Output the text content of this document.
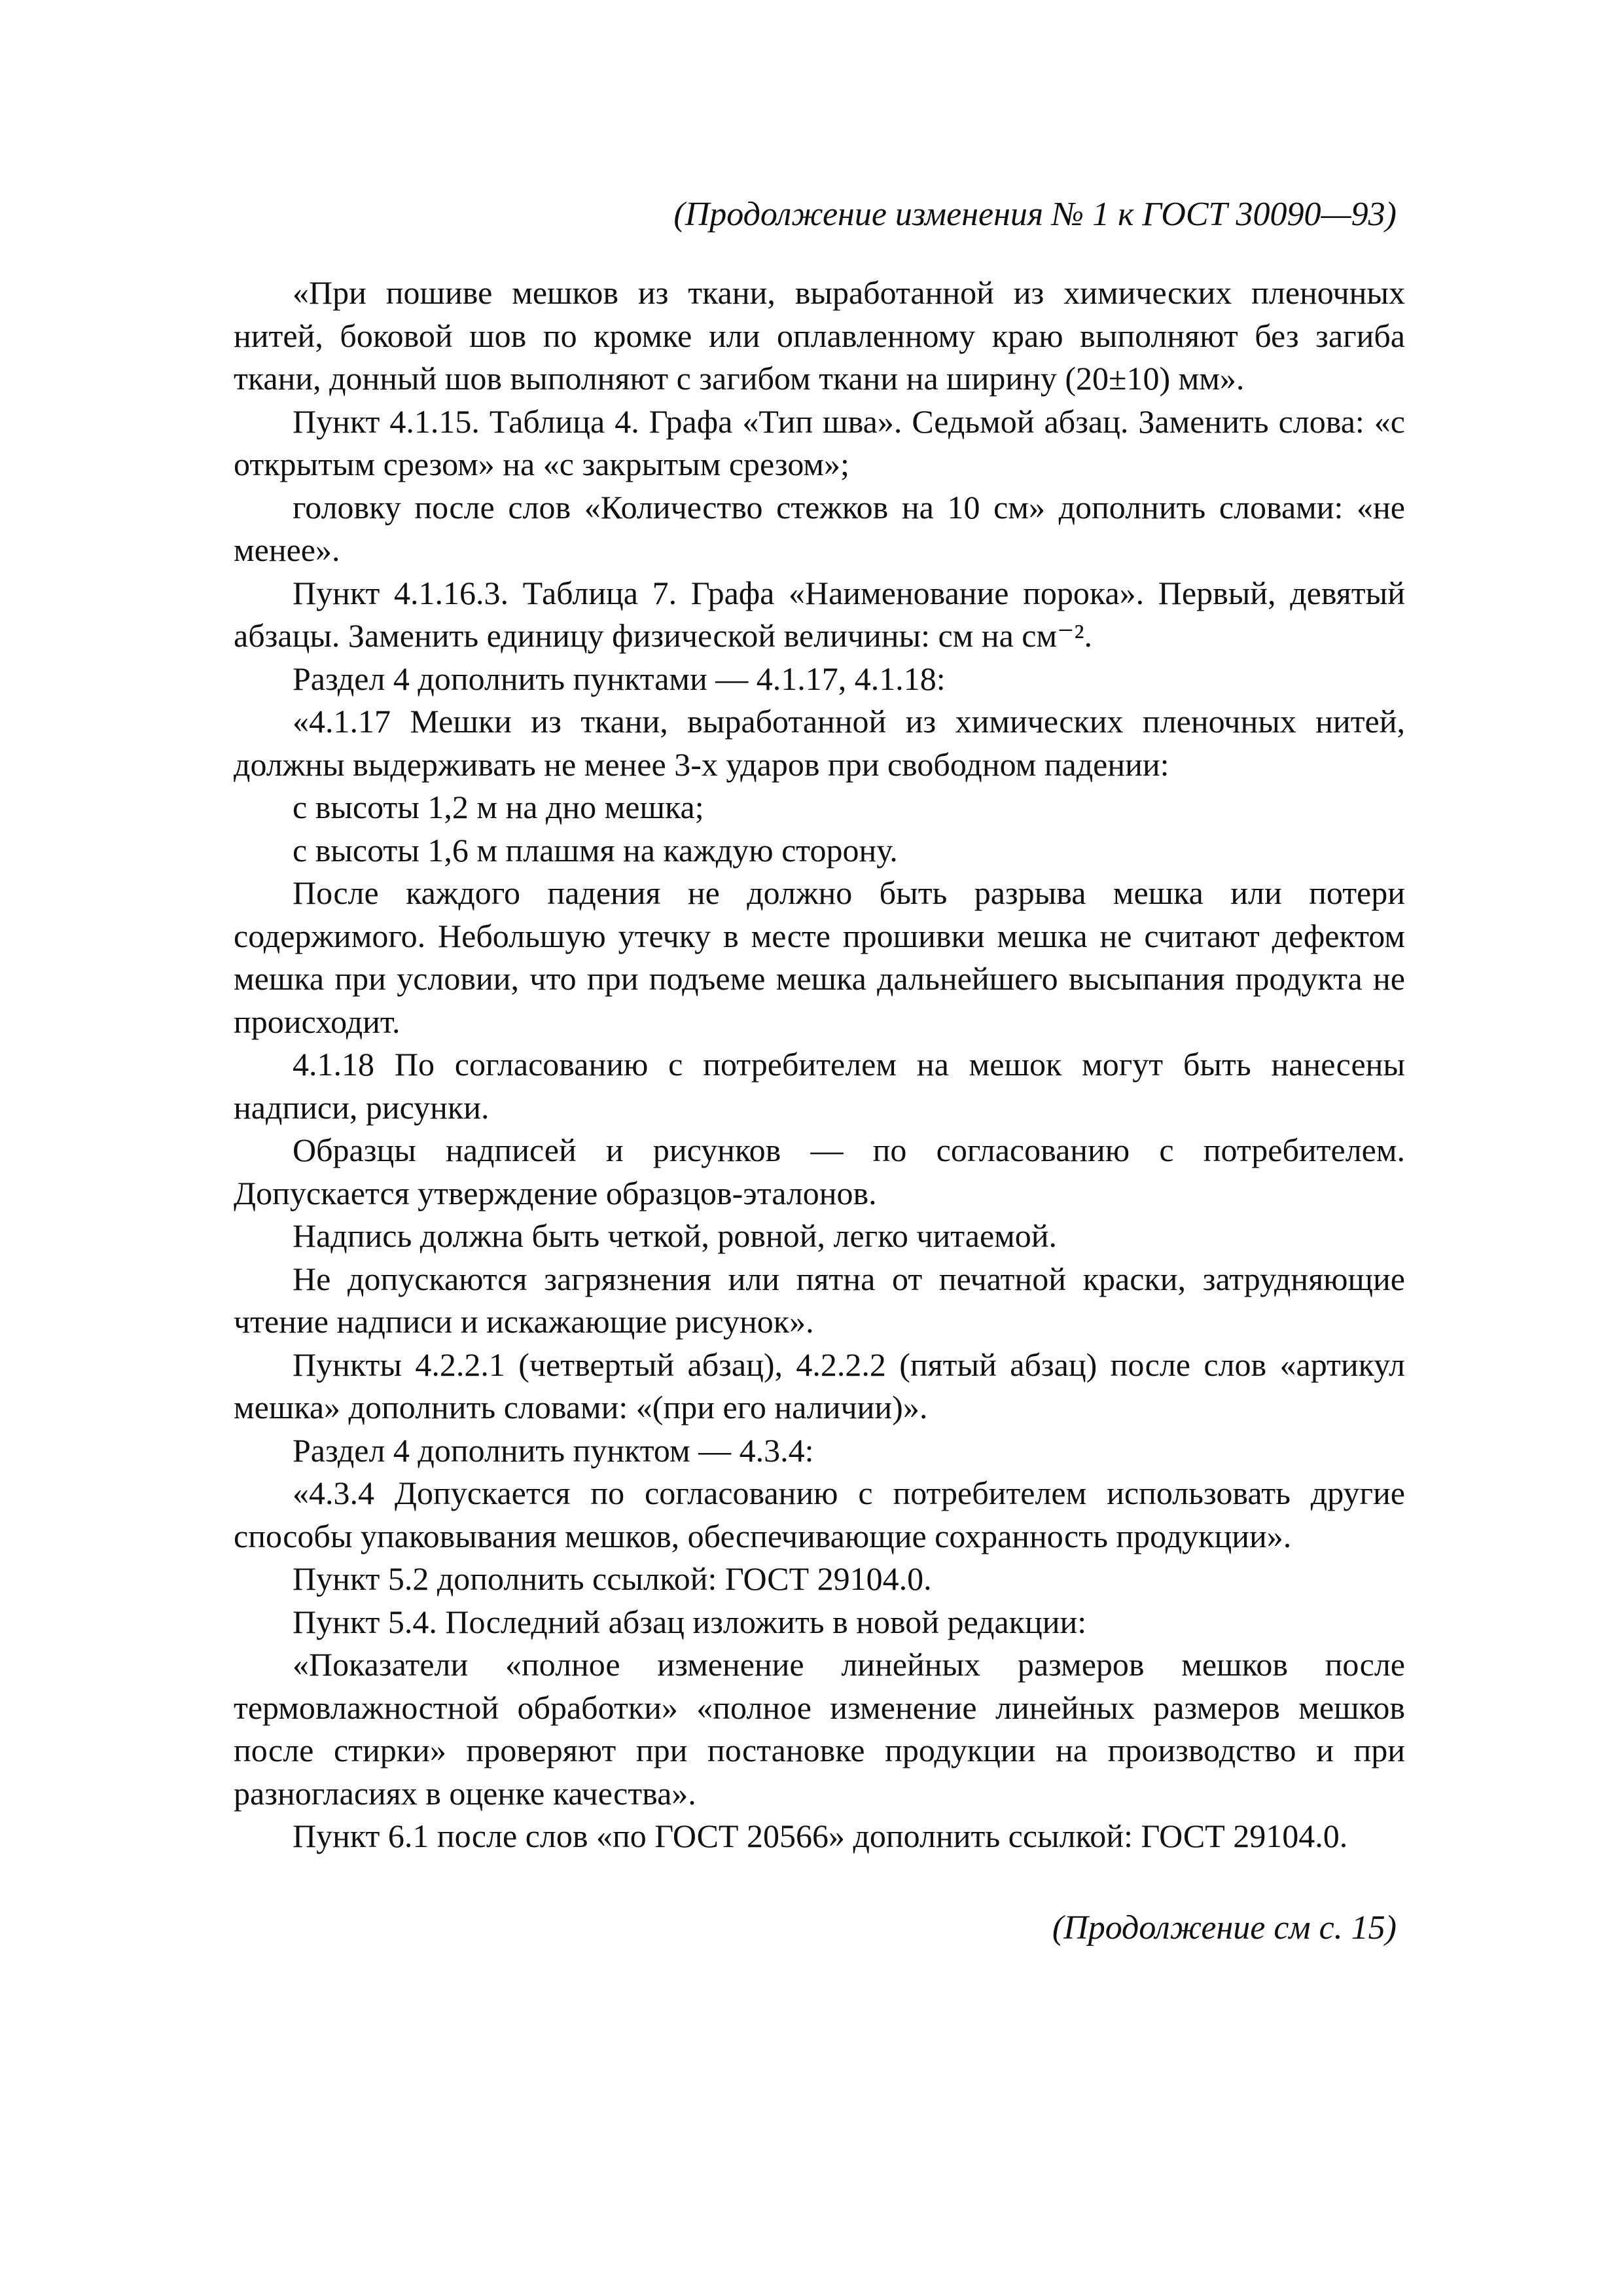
(Продолжение изменения № 1 к ГОСТ 30090—93)

«При пошиве мешков из ткани, выработанной из химических пленочных нитей, боковой шов по кромке или оплавленному краю выполняют без загиба ткани, донный шов выполняют с загибом ткани на ширину (20±10) мм».

Пункт 4.1.15. Таблица 4. Графа «Тип шва». Седьмой абзац. Заменить слова: «с открытым срезом» на «с закрытым срезом»;

головку после слов «Количество стежков на 10 см» дополнить словами: «не менее».

Пункт 4.1.16.3. Таблица 7. Графа «Наименование порока». Первый, девятый абзацы. Заменить единицу физической величины: см на см⁻².

Раздел 4 дополнить пунктами — 4.1.17, 4.1.18:

«4.1.17 Мешки из ткани, выработанной из химических пленочных нитей, должны выдерживать не менее 3-х ударов при свободном падении:

с высоты 1,2 м на дно мешка;

с высоты 1,6 м плашмя на каждую сторону.

После каждого падения не должно быть разрыва мешка или потери содержимого. Небольшую утечку в месте прошивки мешка не считают дефектом мешка при условии, что при подъеме мешка дальнейшего высыпания продукта не происходит.

4.1.18 По согласованию с потребителем на мешок могут быть нанесены надписи, рисунки.

Образцы надписей и рисунков — по согласованию с потребителем. Допускается утверждение образцов-эталонов.

Надпись должна быть четкой, ровной, легко читаемой.

Не допускаются загрязнения или пятна от печатной краски, затрудняющие чтение надписи и искажающие рисунок».

Пункты 4.2.2.1 (четвертый абзац), 4.2.2.2 (пятый абзац) после слов «артикул мешка» дополнить словами: «(при его наличии)».

Раздел 4 дополнить пунктом — 4.3.4:

«4.3.4 Допускается по согласованию с потребителем использовать другие способы упаковывания мешков, обеспечивающие сохранность продукции».

Пункт 5.2 дополнить ссылкой: ГОСТ 29104.0.

Пункт 5.4. Последний абзац изложить в новой редакции:

«Показатели «полное изменение линейных размеров мешков после термовлажностной обработки» «полное изменение линейных размеров мешков после стирки» проверяют при постановке продукции на производство и при разногласиях в оценке качества».

Пункт 6.1 после слов «по ГОСТ 20566» дополнить ссылкой: ГОСТ 29104.0.

(Продолжение см с. 15)
